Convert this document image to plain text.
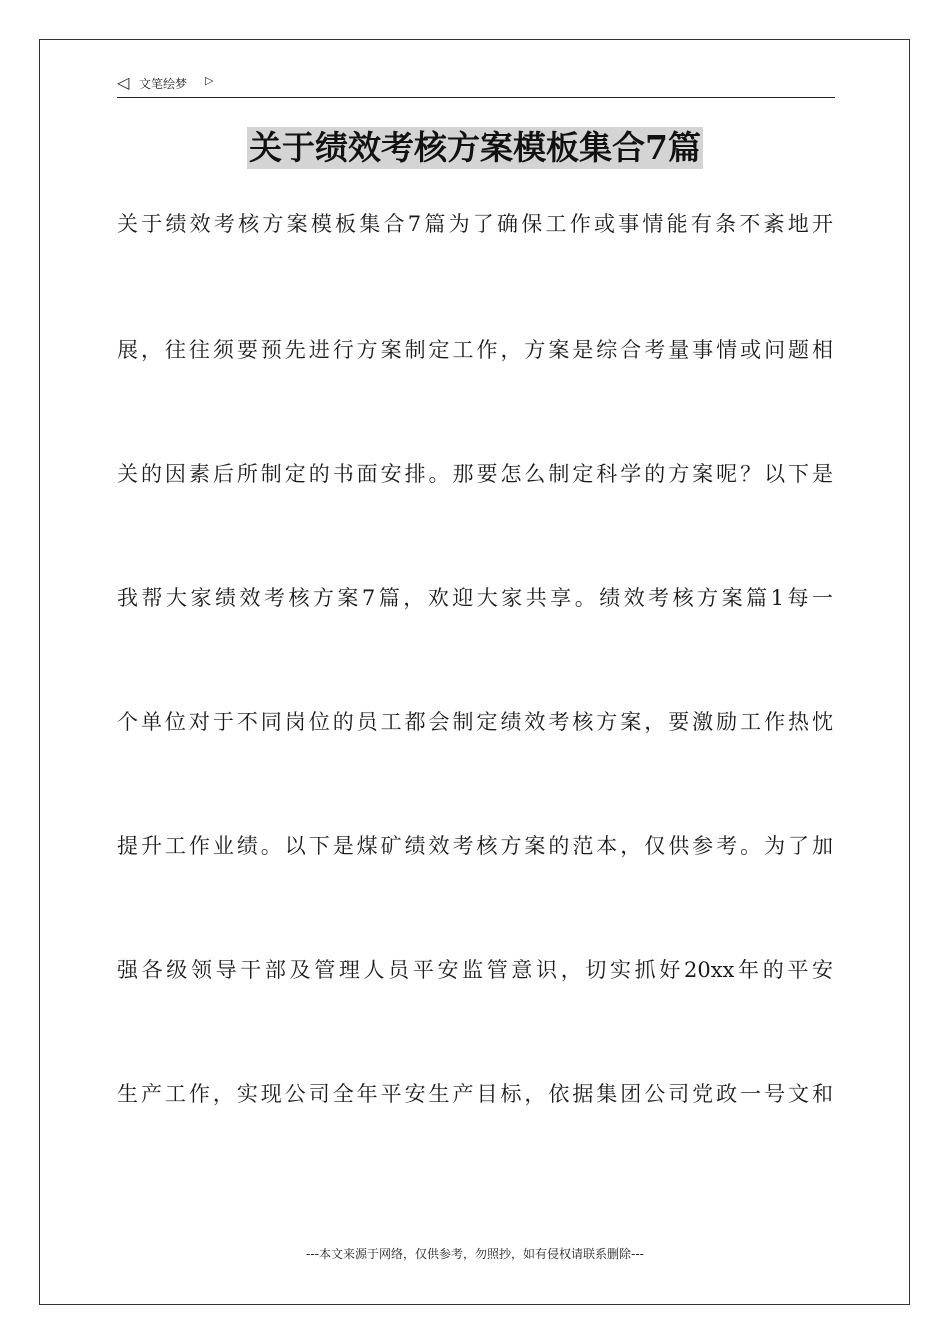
◁ 文笔绘梦 ▷
关于绩效考核方案模板集合7篇
关于绩效考核方案模板集合7篇为了确保工作或事情能有条不紊地开
展，往往须要预先进行方案制定工作，方案是综合考量事情或问题相
关的因素后所制定的书面安排。那要怎么制定科学的方案呢？以下是
我帮大家绩效考核方案7篇，欢迎大家共享。绩效考核方案篇1每一
个单位对于不同岗位的员工都会制定绩效考核方案，要激励工作热忱
提升工作业绩。以下是煤矿绩效考核方案的范本，仅供参考。为了加
强各级领导干部及管理人员平安监管意识，切实抓好20xx年的平安
生产工作，实现公司全年平安生产目标，依据集团公司党政一号文和
---本文来源于网络，仅供参考，勿照抄，如有侵权请联系删除---
